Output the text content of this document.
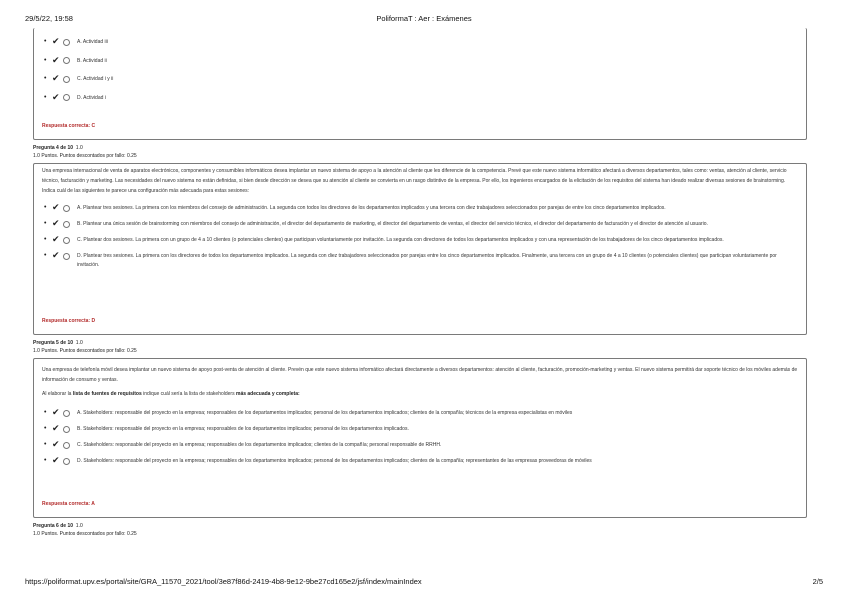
29/5/22, 19:58	PoliformaT : Aer : Exámenes
• ✔	A. Actividad iii
• ✔	B. Actividad ii
• ✔	C. Actividad i y ii
• ✔	D. Actividad i
Respuesta correcta: C
Pregunta 4 de 10 1.0
1.0 Puntos. Puntos descontados por fallo: 0.25

Una empresa internacional de venta de aparatos electrónicos, componentes y consumibles informáticos desea implantar un nuevo sistema de apoyo a la atención al cliente que les diferencie de la competencia. Prevé que este nuevo sistema informático afectará a diversos departamentos, tales como: ventas, atención al cliente, servicio técnico, facturación y marketing. Las necesidades del nuevo sistema no están definidas, si bien desde dirección se desea que su atención al cliente se convierta en un rasgo distintivo de la empresa. Por ello, los ingenieros encargados de la elicitación de los requisitos del sistema han ideado realizar diversas sesiones de brainstorming. Indica cuál de las siguientes te parece una configuración más adecuada para estas sesiones:

• ✔	A. Plantear tres sesiones. La primera con los miembros del consejo de administración. La segunda con todos los directores de los departamentos implicados y una tercera con diez trabajadores seleccionados por parejas de entre los cinco departamentos implicados.
• ✔	B. Plantear una única sesión de brainstorming con miembros del consejo de administración, el director del departamento de marketing, el director del departamento de ventas, el director del servicio técnico, el director del departamento de facturación y el director de atención al usuario.
• ✔	C. Plantear dos sesiones. La primera con un grupo de 4 a 10 clientes (o potenciales clientes) que participan voluntariamente por invitación. La segunda con directores de todos los departamentos implicados y con una representación de los trabajadores de los cinco departamentos implicados.
• ✔	D. Plantear tres sesiones. La primera con los directores de todos los departamentos implicados. La segunda con diez trabajadores seleccionados por parejas entre los cinco departamentos implicados. Finalmente, una tercera con un grupo de 4 a 10 clientes (o potenciales clientes) que participan voluntariamente por invitación.
Respuesta correcta: D
Pregunta 5 de 10 1.0
1.0 Puntos. Puntos descontados por fallo: 0.25

Una empresa de telefonía móvil desea implantar un nuevo sistema de apoyo post-venta de atención al cliente. Prevén que este nuevo sistema informático afectará directamente a diversos departamentos: atención al cliente, facturación, promoción-marketing y ventas. El nuevo sistema permitirá dar soporte técnico de los móviles además de información de consumo y ventas.

Al elaborar la lista de fuentes de requisitos indique cuál sería la lista de stakeholders más adecuada y completa:

• ✔	A. Stakeholders: responsable del proyecto en la empresa; responsables de los departamentos implicados; personal de los departamentos implicados; clientes de la compañía; técnicos de la empresa especialistas en móviles
• ✔	B. Stakeholders: responsable del proyecto en la empresa; responsables de los departamentos implicados; personal de los departamentos implicados.
• ✔	C. Stakeholders: responsable del proyecto en la empresa; responsables de los departamentos implicados; clientes de la compañía; personal responsable de RRHH.
• ✔	D. Stakeholders: responsable del proyecto en la empresa; responsables de los departamentos implicados; personal de los departamentos implicados; clientes de la compañía; representantes de las empresas proveedoras de móviles
Respuesta correcta: A
Pregunta 6 de 10 1.0
1.0 Puntos. Puntos descontados por fallo: 0.25
https://poliformat.upv.es/portal/site/GRA_11570_2021/tool/3e87f86d-2419-4b8-9e12-9be27cd165e2/jsf/index/mainIndex	2/5
